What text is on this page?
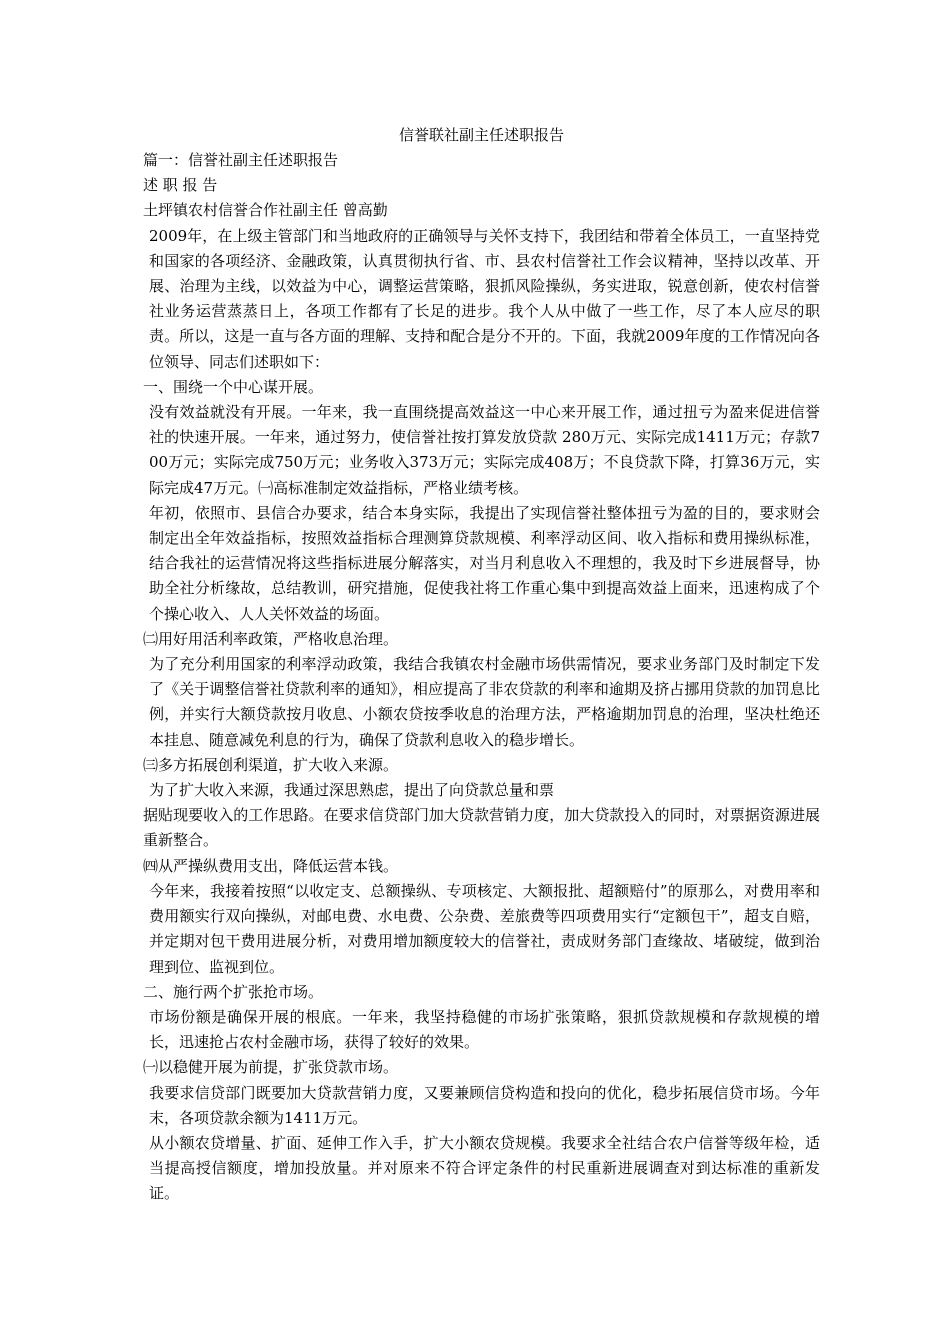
信誉联社副主任述职报告

篇一：信誉社副主任述职报告

述 职 报 告

土坪镇农村信誉合作社副主任 曾高勤

2009年，在上级主管部门和当地政府的正确领导与关怀支持下，我团结和带着全体员工，一直坚持党和国家的各项经济、金融政策，认真贯彻执行省、市、县农村信誉社工作会议精神，坚持以改革、开展、治理为主线，以效益为中心，调整运营策略，狠抓风险操纵，务实进取，锐意创新，使农村信誉社业务运营蒸蒸日上，各项工作都有了长足的进步。我个人从中做了一些工作，尽了本人应尽的职责。所以，这是一直与各方面的理解、支持和配合是分不开的。下面，我就2009年度的工作情况向各位领导、同志们述职如下：

一、围绕一个中心谋开展。

没有效益就没有开展。一年来，我一直围绕提高效益这一中心来开展工作，通过扭亏为盈来促进信誉社的快速开展。一年来，通过努力，使信誉社按打算发放贷款 280万元、实际完成1411万元；存款700万元；实际完成750万元；业务收入373万元；实际完成408万；不良贷款下降，打算36万元，实际完成47万元。㈠高标准制定效益指标，严格业绩考核。

年初，依照市、县信合办要求，结合本身实际，我提出了实现信誉社整体扭亏为盈的目的，要求财会制定出全年效益指标，按照效益指标合理测算贷款规模、利率浮动区间、收入指标和费用操纵标准，结合我社的运营情况将这些指标进展分解落实，对当月利息收入不理想的，我及时下乡进展督导，协助全社分析缘故，总结教训，研究措施，促使我社将工作重心集中到提高效益上面来，迅速构成了个个操心收入、人人关怀效益的场面。

㈡用好用活利率政策，严格收息治理。

为了充分利用国家的利率浮动政策，我结合我镇农村金融市场供需情况，要求业务部门及时制定下发了《关于调整信誉社贷款利率的通知》，相应提高了非农贷款的利率和逾期及挤占挪用贷款的加罚息比例，并实行大额贷款按月收息、小额农贷按季收息的治理方法，严格逾期加罚息的治理，坚决杜绝还本挂息、随意减免利息的行为，确保了贷款利息收入的稳步增长。

㈢多方拓展创利渠道，扩大收入来源。

为了扩大收入来源，我通过深思熟虑，提出了向贷款总量和票

据贴现要收入的工作思路。在要求信贷部门加大贷款营销力度，加大贷款投入的同时，对票据资源进展重新整合。

㈣从严操纵费用支出，降低运营本钱。

今年来，我接着按照“以收定支、总额操纵、专项核定、大额报批、超额赔付”的原那么，对费用率和费用额实行双向操纵，对邮电费、水电费、公杂费、差旅费等四项费用实行“定额包干”，超支自赔，并定期对包干费用进展分析，对费用增加额度较大的信誉社，责成财务部门查缘故、堵破绽，做到治理到位、监视到位。

二、施行两个扩张抢市场。

市场份额是确保开展的根底。一年来，我坚持稳健的市场扩张策略，狠抓贷款规模和存款规模的增长，迅速抢占农村金融市场，获得了较好的效果。

㈠以稳健开展为前提，扩张贷款市场。

我要求信贷部门既要加大贷款营销力度，又要兼顾信贷构造和投向的优化，稳步拓展信贷市场。今年末，各项贷款余额为1411万元。

从小额农贷增量、扩面、延伸工作入手，扩大小额农贷规模。我要求全社结合农户信誉等级年检，适当提高授信额度，增加投放量。并对原来不符合评定条件的村民重新进展调查对到达标准的重新发证。
